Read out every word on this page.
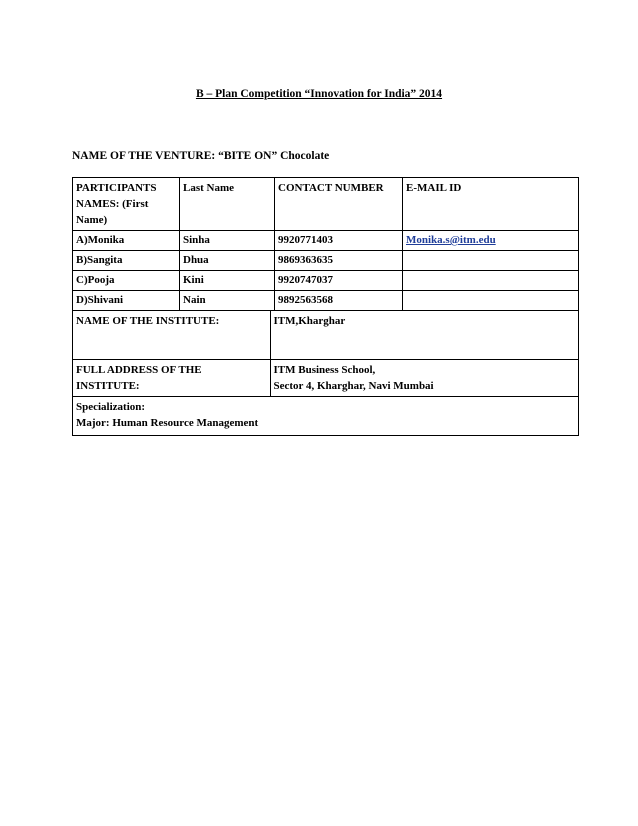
B – Plan Competition “Innovation for India” 2014
NAME OF THE VENTURE: “BITE ON” Chocolate
PARTICIPANTS NAMES: (First Name)	Last Name	CONTACT NUMBER	E-MAIL ID
A)Monika	Sinha	9920771403	Monika.s@itm.edu
B)Sangita	Dhua	9869363635	
C)Pooja	Kini	9920747037	
D)Shivani	Nain	9892563568	

NAME OF THE INSTITUTE:	ITM,Kharghar

FULL ADDRESS OF THE
INSTITUTE:

ITM Business School,
Sector 4, Kharghar, Navi Mumbai

Specialization:
Major: Human Resource Management
